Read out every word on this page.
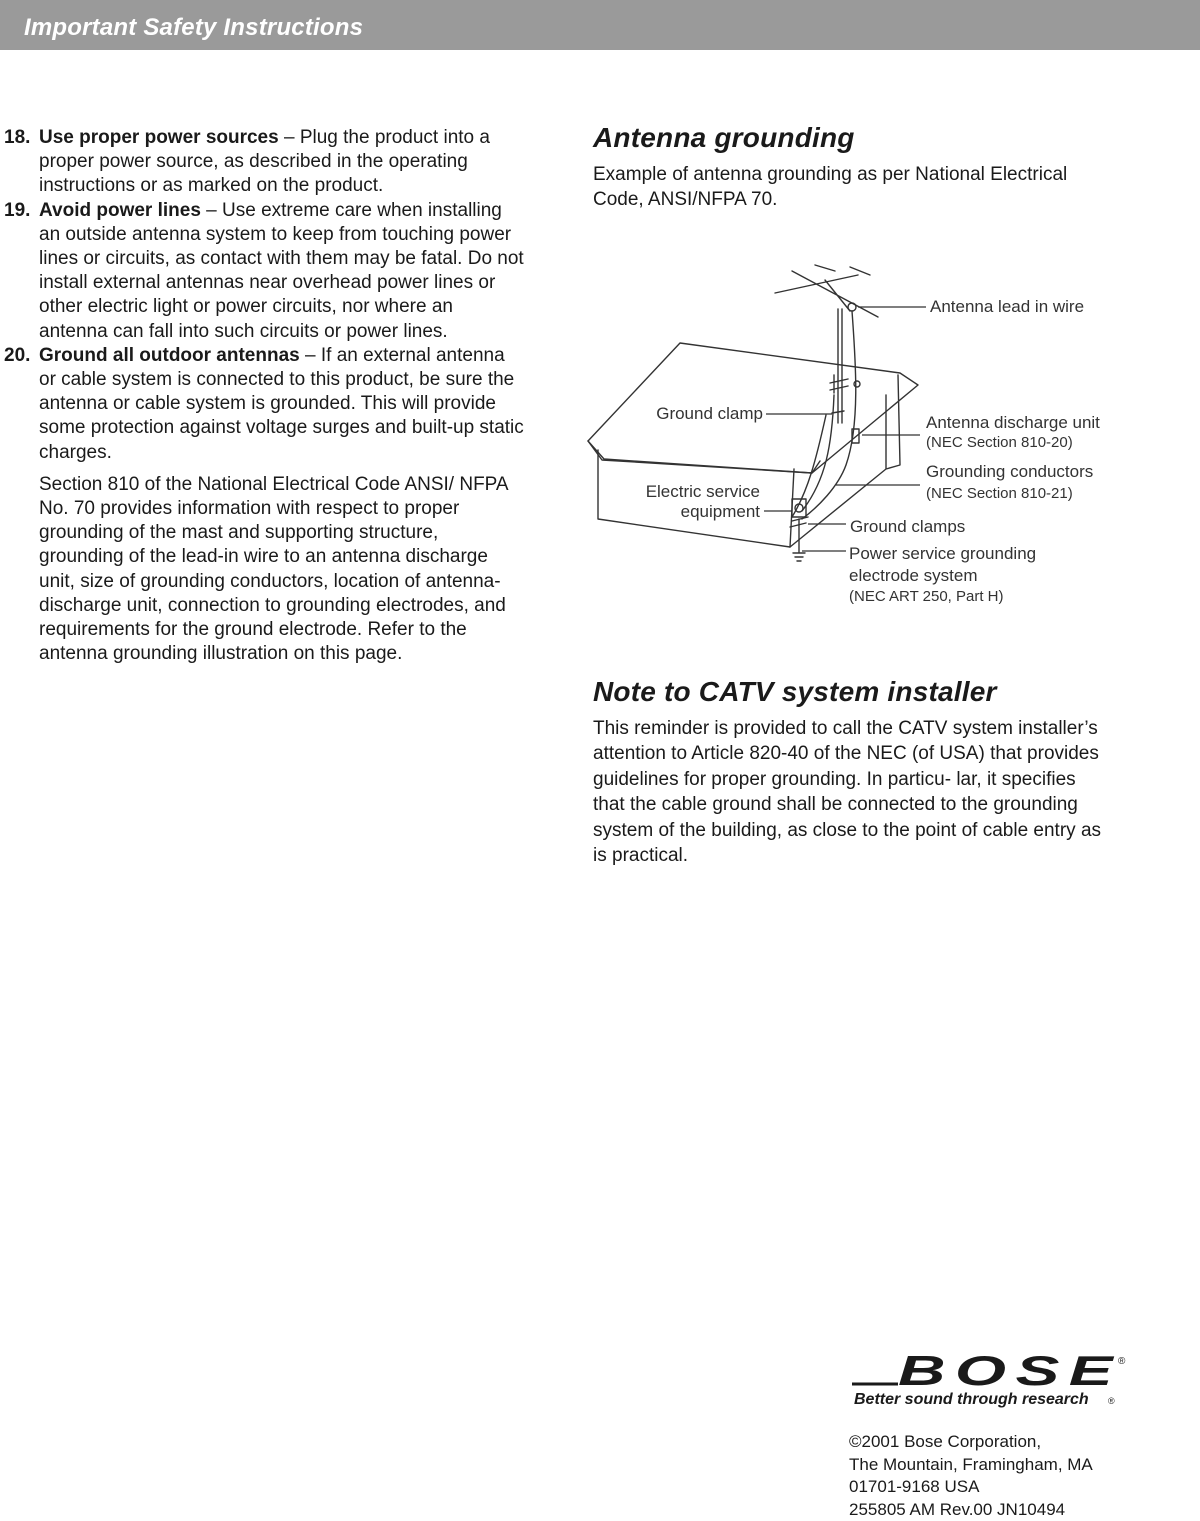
Important Safety Instructions
18. Use proper power sources – Plug the product into a proper power source, as described in the operating instructions or as marked on the product.

19. Avoid power lines – Use extreme care when installing an outside antenna system to keep from touching power lines or circuits, as contact with them may be fatal. Do not install external antennas near overhead power lines or other electric light or power circuits, nor where an antenna can fall into such circuits or power lines.

20. Ground all outdoor antennas – If an external antenna or cable system is connected to this product, be sure the antenna or cable system is grounded. This will provide some protection against voltage surges and built-up static charges.

Section 810 of the National Electrical Code ANSI/ NFPA No. 70 provides information with respect to proper grounding of the mast and supporting structure, grounding of the lead-in wire to an antenna discharge unit, size of grounding conductors, location of antenna-discharge unit, connection to grounding electrodes, and requirements for the ground electrode. Refer to the antenna grounding illustration on this page.

Antenna grounding

Example of antenna grounding as per National Electrical Code, ANSI/NFPA 70.

Antenna lead in wire
Ground clamp	Antenna discharge unit
(NEC Section 810-20)
Grounding conductors
(NEC Section 810-21)
Electric service
equipment
Ground clamps
Power service grounding
electrode system
(NEC ART 250, Part H)
Note to CATV system installer

This reminder is provided to call the CATV system installer’s attention to Article 820-40 of the NEC (of USA) that provides guidelines for proper grounding. In particu- lar, it specifies that the cable ground shall be connected to the grounding system of the building, as close to the point of cable entry as is practical.

BOSE
®
Better sound through research ®
©2001 Bose Corporation,
The Mountain, Framingham, MA
01701-9168 USA
255805 AM Rev.00 JN10494
